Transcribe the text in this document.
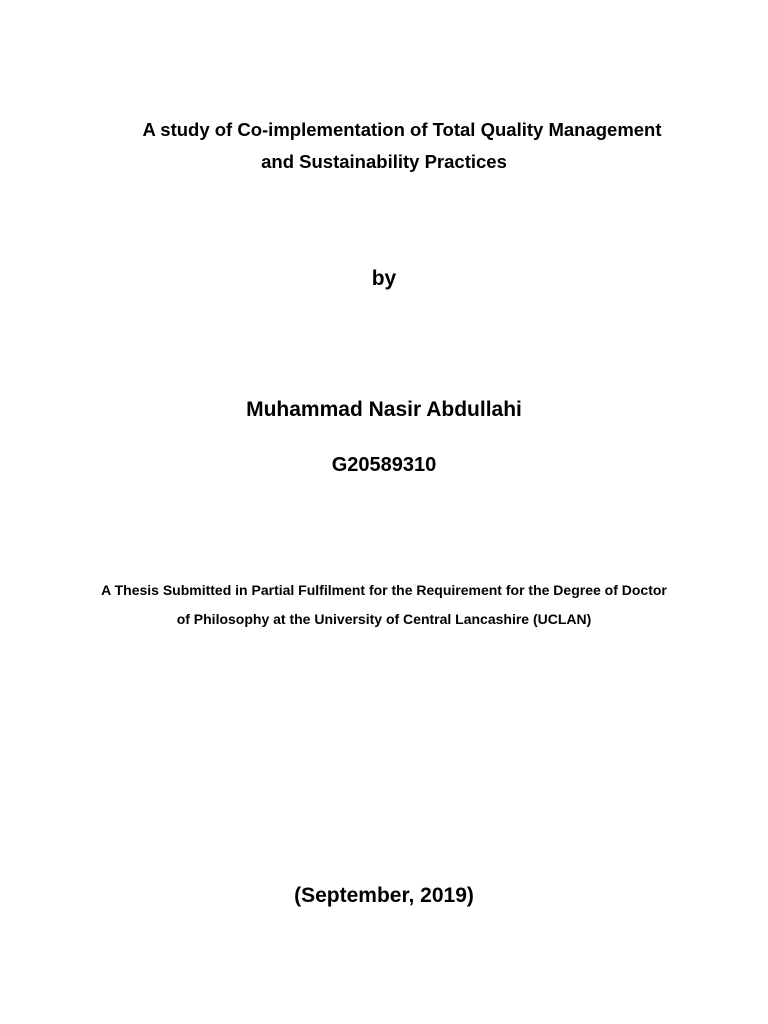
A study of Co-implementation of Total Quality Management
and Sustainability Practices
by
Muhammad Nasir Abdullahi
G20589310
A Thesis Submitted in Partial Fulfilment for the Requirement for the Degree of Doctor
of Philosophy at the University of Central Lancashire (UCLAN)
(September, 2019)
